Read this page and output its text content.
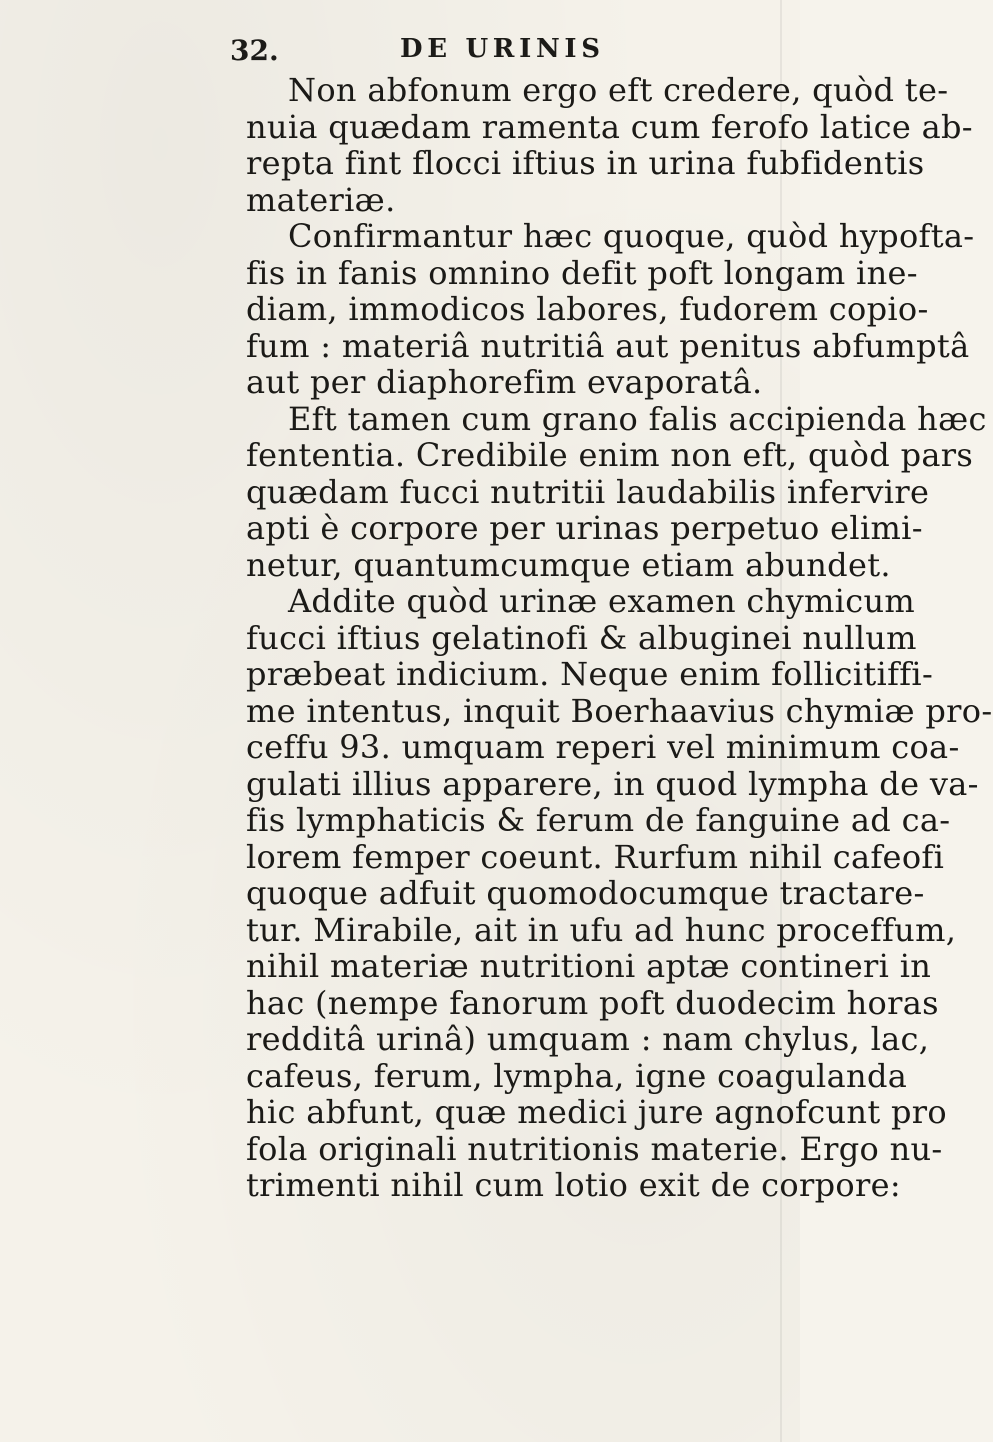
32.	DE URINIS
Non abfonum ergo eft credere, quòd te-
nuia quædam ramenta cum ferofo latice ab-
repta fint flocci iftius in urina fubfidentis
materiæ.
Confirmantur hæc quoque, quòd hypofta-
fis in fanis omnino defit poft longam ine-
diam, immodicos labores, fudorem copio-
fum : materiâ nutritiâ aut penitus abfumptâ
aut per diaphorefim evaporatâ.
Eft tamen cum grano falis accipienda hæc
fententia. Credibile enim non eft, quòd pars
quædam fucci nutritii laudabilis infervire
apti è corpore per urinas perpetuo elimi-
netur, quantumcumque etiam abundet.
Addite quòd urinæ examen chymicum
fucci iftius gelatinofi & albuginei nullum
præbeat indicium. Neque enim follicitiffi-
me intentus, inquit Boerhaavius chymiæ pro-
ceffu 93. umquam reperi vel minimum coa-
gulati illius apparere, in quod lympha de va-
fis lymphaticis & ferum de fanguine ad ca-
lorem femper coeunt. Rurfum nihil cafeofi
quoque adfuit quomodocumque tractare-
tur. Mirabile, ait in ufu ad hunc proceffum,
nihil materiæ nutritioni aptæ contineri in
hac (nempe fanorum poft duodecim horas
redditâ urinâ) umquam : nam chylus, lac,
cafeus, ferum, lympha, igne coagulanda
hic abfunt, quæ medici jure agnofcunt pro
fola originali nutritionis materie. Ergo nu-
trimenti nihil cum lotio exit de corpore:
